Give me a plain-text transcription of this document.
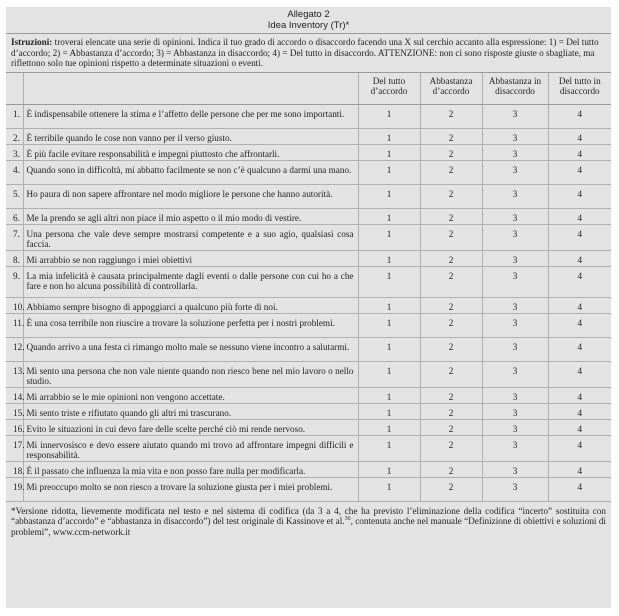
Allegato 2
Idea Inventory (Tr)*
Istruzioni: troverai elencate una serie di opinioni. Indica il tuo grado di accordo o disaccordo facendo una X sul cerchio accanto alla espressione: 1) = Del tutto d’accordo; 2) = Abbastanza d’accordo; 3) = Abbastanza in disaccordo; 4) = Del tutto in disaccordo. ATTENZIONE: non ci sono risposte giuste o sbagliate, ma riflettono solo tue opinioni rispetto a determinate situazioni o eventi.
		Del tutto d’accordo	Abbastanza d’accordo	Abbastanza in disaccordo	Del tutto in disaccordo
1.	È indispensabile ottenere la stima e l’affetto delle persone che per me sono importanti.	1	2	3	4
2.	È terribile quando le cose non vanno per il verso giusto.	1	2	3	4
3.	È più facile evitare responsabilità e impegni piuttosto che affrontarli.	1	2	3	4
4.	Quando sono in difficoltà, mi abbatto facilmente se non c’è qualcuno a darmi una mano.	1	2	3	4
5.	Ho paura di non sapere affrontare nel modo migliore le persone che hanno autorità.	1	2	3	4
6.	Me la prendo se agli altri non piace il mio aspetto o il mio modo di vestire.	1	2	3	4
7.	Una persona che vale deve sempre mostrarsi competente e a suo agio, qualsiasi cosa faccia.	1	2	3	4
8.	Mi arrabbio se non raggiungo i miei obiettivi	1	2	3	4
9.	La mia infelicità è causata principalmente dagli eventi o dalle persone con cui ho a che fare e non ho alcuna possibilità di controllarla.	1	2	3	4
10.	Abbiamo sempre bisogno di appoggiarci a qualcuno più forte di noi.	1	2	3	4
11.	È una cosa terribile non riuscire a trovare la soluzione perfetta per i nostri problemi.	1	2	3	4
12.	Quando arrivo a una festa ci rimango molto male se nessuno viene incontro a salutarmi.	1	2	3	4
13.	Mi sento una persona che non vale niente quando non riesco bene nel mio lavoro o nello studio.	1	2	3	4
14.	Mi arrabbio se le mie opinioni non vengono accettate.	1	2	3	4
15.	Mi sento triste e rifiutato quando gli altri mi trascurano.	1	2	3	4
16.	Evito le situazioni in cui devo fare delle scelte perché ciò mi rende nervoso.	1	2	3	4
17.	Mi innervosisco e devo essere aiutato quando mi trovo ad affrontare impegni difficili e responsabilità.	1	2	3	4
18.	È il passato che influenza la mia vita e non posso fare nulla per modificarla.	1	2	3	4
19.	Mi preoccupo molto se non riesco a trovare la soluzione giusta per i miei problemi.	1	2	3	4
*Versione ridotta, lievemente modificata nel testo e nel sistema di codifica (da 3 a 4, che ha previsto l’eliminazione della codifica “incerto” sostituita con “abbastanza d’accordo” e “abbastanza in disaccordo”) del test originale di Kassinove et al.$^{36}$, contenuta anche nel manuale “Definizione di obiettivi e soluzioni di problemi”, www.ccm-network.it
